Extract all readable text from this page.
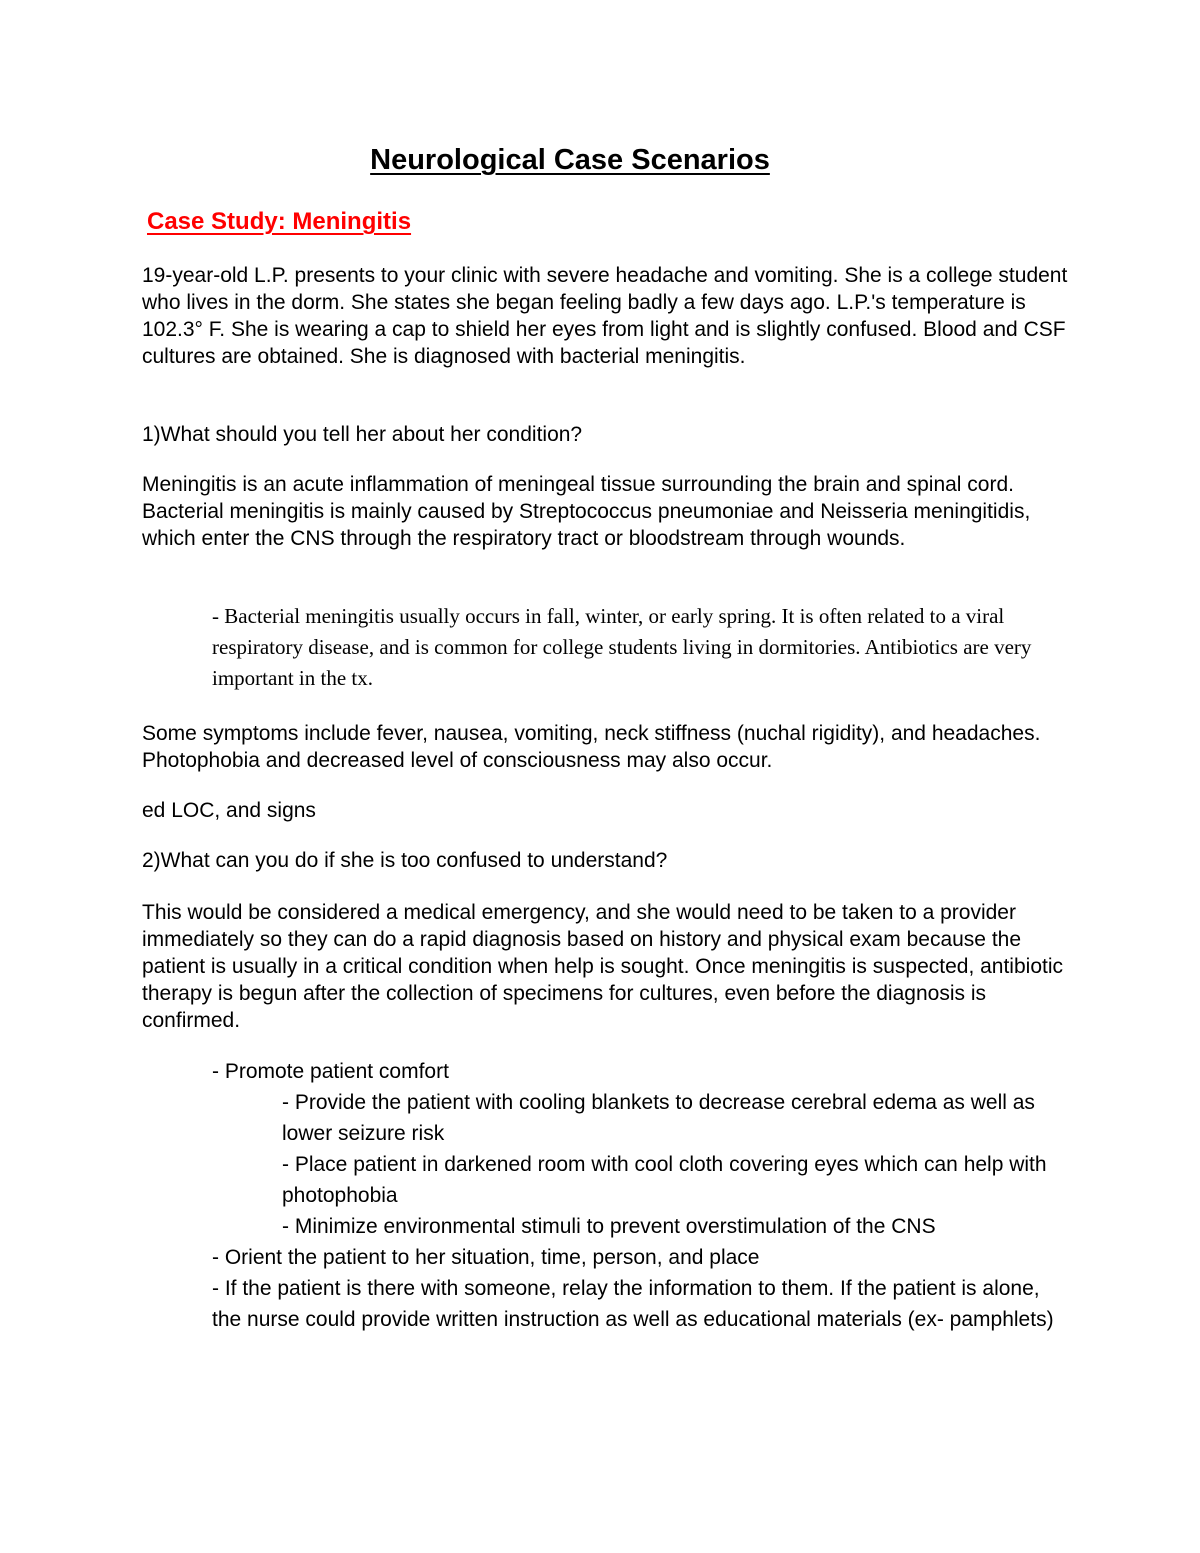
Neurological Case Scenarios
Case Study: Meningitis

19-year-old L.P. presents to your clinic with severe headache and vomiting. She is a college student who lives in the dorm. She states she began feeling badly a few days ago. L.P.'s temperature is 102.3° F. She is wearing a cap to shield her eyes from light and is slightly confused. Blood and CSF cultures are obtained. She is diagnosed with bacterial meningitis.

1)What should you tell her about her condition?

Meningitis is an acute inflammation of meningeal tissue surrounding the brain and spinal cord. Bacterial meningitis is mainly caused by Streptococcus pneumoniae and Neisseria meningitidis, which enter the CNS through the respiratory tract or bloodstream through wounds.

- Bacterial meningitis usually occurs in fall, winter, or early spring. It is often related to a viral respiratory disease, and is common for college students living in dormitories. Antibiotics are very important in the tx.

Some symptoms include fever, nausea, vomiting, neck stiffness (nuchal rigidity), and headaches. Photophobia and decreased level of consciousness may also occur.

ed LOC, and signs

2)What can you do if she is too confused to understand?

This would be considered a medical emergency, and she would need to be taken to a provider immediately so they can do a rapid diagnosis based on history and physical exam because the patient is usually in a critical condition when help is sought. Once meningitis is suspected, antibiotic therapy is begun after the collection of specimens for cultures, even before the diagnosis is confirmed.

- Promote patient comfort

- Provide the patient with cooling blankets to decrease cerebral edema as well as lower seizure risk

- Place patient in darkened room with cool cloth covering eyes which can help with photophobia

- Minimize environmental stimuli to prevent overstimulation of the CNS

- Orient the patient to her situation, time, person, and place

- If the patient is there with someone, relay the information to them. If the patient is alone, the nurse could provide written instruction as well as educational materials (ex- pamphlets)
